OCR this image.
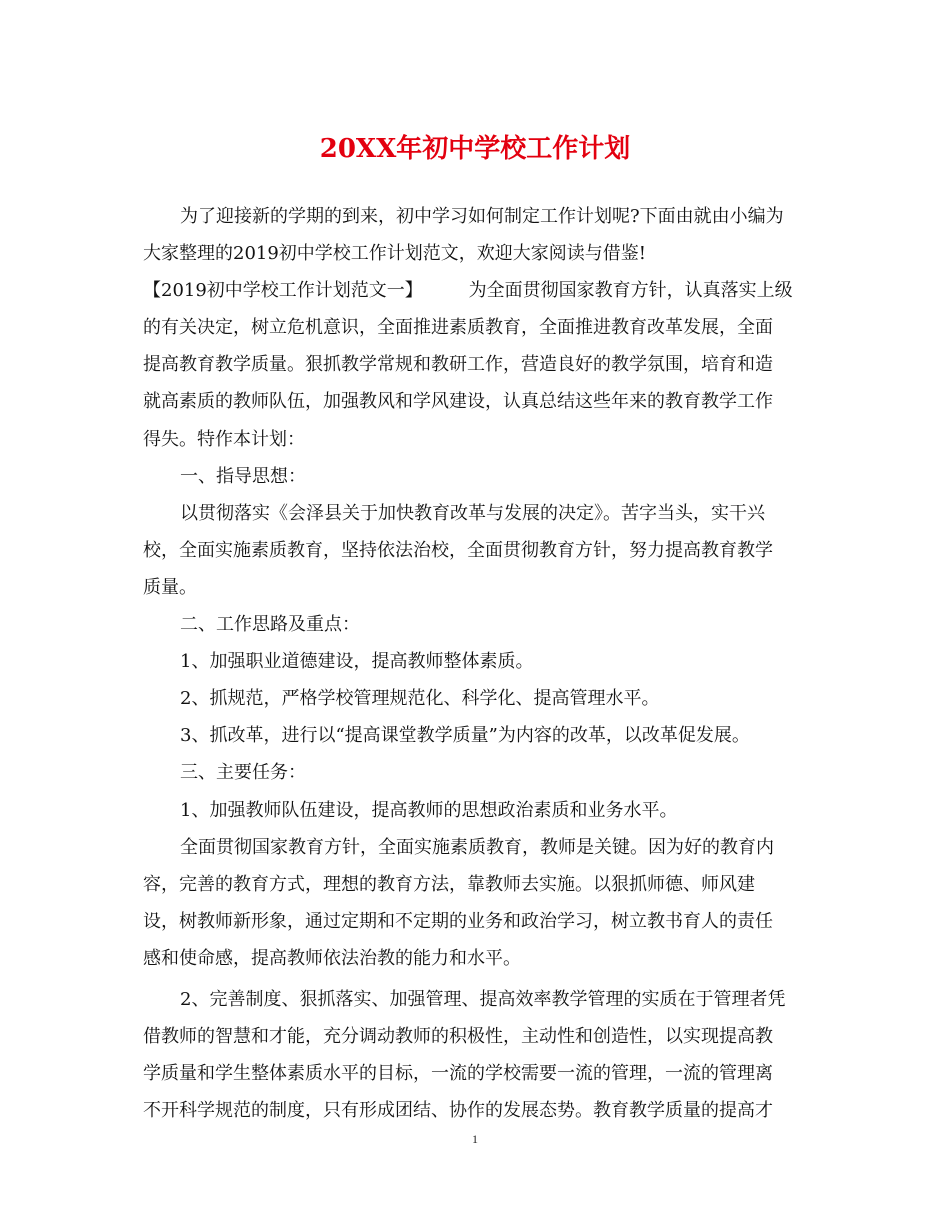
20XX年初中学校工作计划
为了迎接新的学期的到来，初中学习如何制定工作计划呢?下面由就由小编为
大家整理的2019初中学校工作计划范文，欢迎大家阅读与借鉴!
【2019初中学校工作计划范文一】        为全面贯彻国家教育方针，认真落实上级
的有关决定，树立危机意识，全面推进素质教育，全面推进教育改革发展，全面
提高教育教学质量。狠抓教学常规和教研工作，营造良好的教学氛围，培育和造
就高素质的教师队伍，加强教风和学风建设，认真总结这些年来的教育教学工作
得失。特作本计划：
一、指导思想：
以贯彻落实《会泽县关于加快教育改革与发展的决定》。苦字当头，实干兴
校，全面实施素质教育，坚持依法治校，全面贯彻教育方针，努力提高教育教学
质量。
二、工作思路及重点：
1、加强职业道德建设，提高教师整体素质。
2、抓规范，严格学校管理规范化、科学化、提高管理水平。
3、抓改革，进行以“提高课堂教学质量”为内容的改革，以改革促发展。
三、主要任务：
1、加强教师队伍建设，提高教师的思想政治素质和业务水平。
全面贯彻国家教育方针，全面实施素质教育，教师是关键。因为好的教育内
容，完善的教育方式，理想的教育方法，靠教师去实施。以狠抓师德、师风建
设，树教师新形象，通过定期和不定期的业务和政治学习，树立教书育人的责任
感和使命感，提高教师依法治教的能力和水平。
2、完善制度、狠抓落实、加强管理、提高效率教学管理的实质在于管理者凭
借教师的智慧和才能，充分调动教师的积极性，主动性和创造性，以实现提高教
学质量和学生整体素质水平的目标，一流的学校需要一流的管理，一流的管理离
不开科学规范的制度，只有形成团结、协作的发展态势。教育教学质量的提高才
1
